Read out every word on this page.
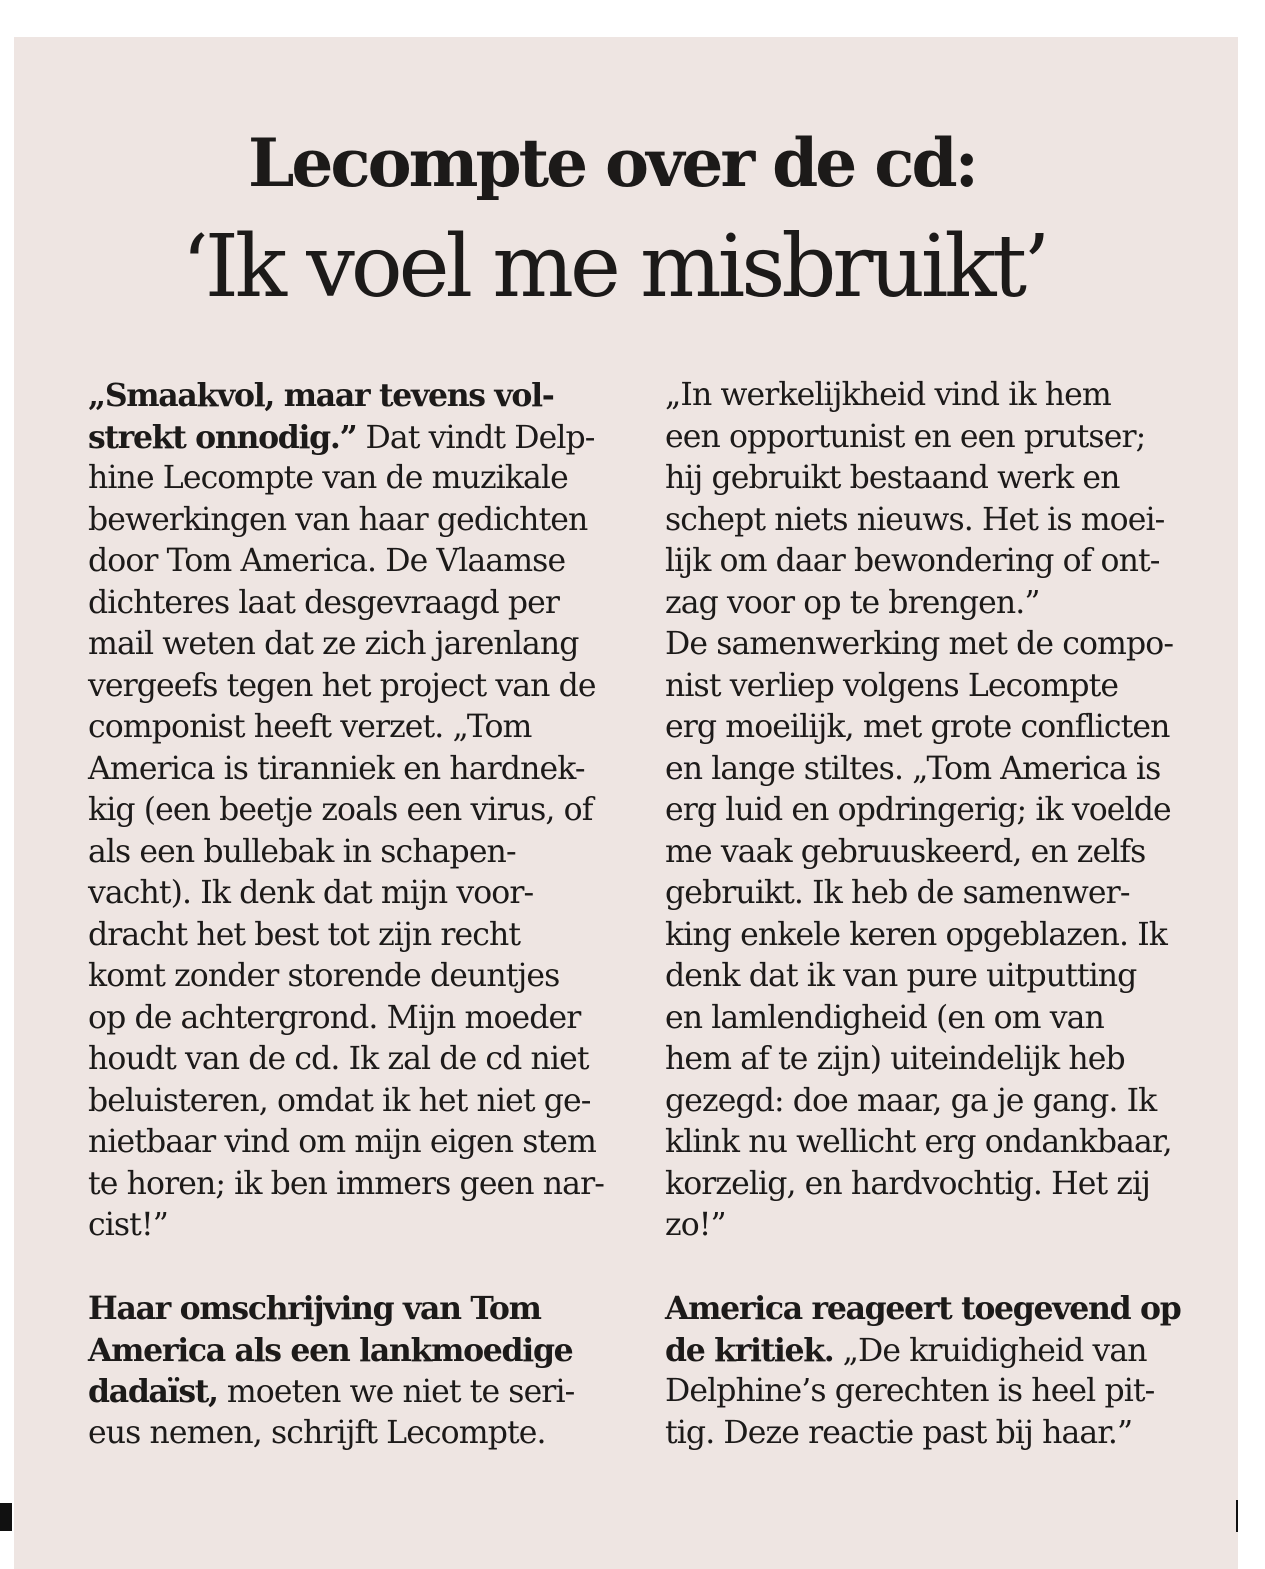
Lecompte over de cd:
‘Ik voel me misbruikt’
„Smaakvol, maar tevens vol-
strekt onnodig.” Dat vindt Delp-
hine Lecompte van de muzikale
bewerkingen van haar gedichten
door Tom America. De Vlaamse
dichteres laat desgevraagd per
mail weten dat ze zich jarenlang
vergeefs tegen het project van de
componist heeft verzet. „Tom
America is tiranniek en hardnek-
kig (een beetje zoals een virus, of
als een bullebak in schapen-
vacht). Ik denk dat mijn voor-
dracht het best tot zijn recht
komt zonder storende deuntjes
op de achtergrond. Mijn moeder
houdt van de cd. Ik zal de cd niet
beluisteren, omdat ik het niet ge-
nietbaar vind om mijn eigen stem
te horen; ik ben immers geen nar-
cist!”
Haar omschrijving van Tom
America als een lankmoedige
dadaïst, moeten we niet te seri-
eus nemen, schrijft Lecompte.
„In werkelijkheid vind ik hem
een opportunist en een prutser;
hij gebruikt bestaand werk en
schept niets nieuws. Het is moei-
lijk om daar bewondering of ont-
zag voor op te brengen.”
De samenwerking met de compo-
nist verliep volgens Lecompte
erg moeilijk, met grote conflicten
en lange stiltes. „Tom America is
erg luid en opdringerig; ik voelde
me vaak gebruuskeerd, en zelfs
gebruikt. Ik heb de samenwer-
king enkele keren opgeblazen. Ik
denk dat ik van pure uitputting
en lamlendigheid (en om van
hem af te zijn) uiteindelijk heb
gezegd: doe maar, ga je gang. Ik
klink nu wellicht erg ondankbaar,
korzelig, en hardvochtig. Het zij
zo!”
America reageert toegevend op
de kritiek. „De kruidigheid van
Delphine’s gerechten is heel pit-
tig. Deze reactie past bij haar.”
